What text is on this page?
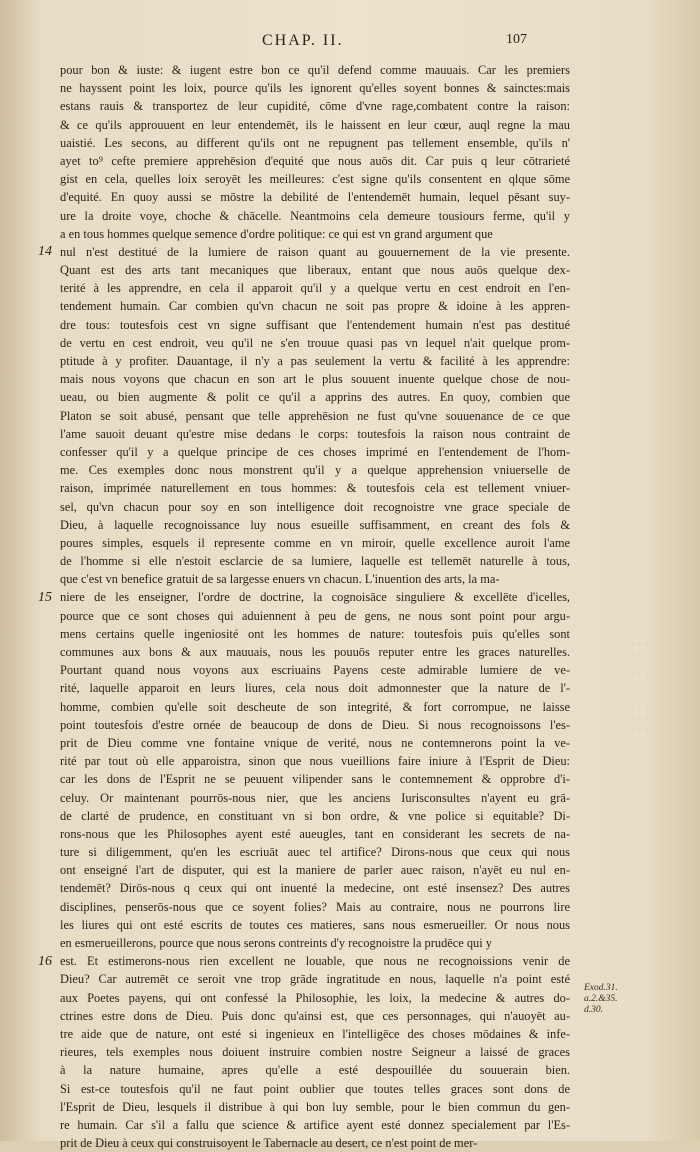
CHAP. II.	107
14
15
16
pour bon & iuste: & iugent estre bon ce qu'il defend comme mauuais. Car les premiers
ne hayssent point les loix, pource qu'ils les ignorent qu'elles soyent bonnes & sainctes:mais
estans rauis & transportez de leur cupidité, cōme d'vne rage,combatent contre la raison:
& ce qu'ils approuuent en leur entendemēt, ils le haissent en leur cœur, auql regne la mau
uaistié. Les secons, au different qu'ils ont ne repugnent pas tellement ensemble, qu'ils n'
ayet to⁹ cefte premiere apprehēsion d'equité que nous auōs dit. Car puis q leur cōtrarieté
gist en cela, quelles loix seroyēt les meilleures: c'est signe qu'ils consentent en qlque sōme
d'equité. En quoy aussi se mōstre la debilité de l'entendemēt humain, lequel pēsant suy-
ure la droite voye, choche & chācelle. Neantmoins cela demeure tousiours ferme, qu'il y
a en tous hommes quelque semence d'ordre politique: ce qui est vn grand argument que
nul n'est destitué de la lumiere de raison quant au gouuernement de la vie presente.
Quant est des arts tant mecaniques que liberaux, entant que nous auōs quelque dex-
terité à les apprendre, en cela il apparoit qu'il y a quelque vertu en cest endroit en l'en-
tendement humain. Car combien qu'vn chacun ne soit pas propre & idoine à les appren-
dre tous: toutesfois cest vn signe suffisant que l'entendement humain n'est pas destitué
de vertu en cest endroit, veu qu'il ne s'en trouue quasi pas vn lequel n'ait quelque prom-
ptitude à y profiter. Dauantage, il n'y a pas seulement la vertu & facilité à les apprendre:
mais nous voyons que chacun en son art le plus souuent inuente quelque chose de nou-
ueau, ou bien augmente & polit ce qu'il a apprins des autres. En quoy, combien que
Platon se soit abusé, pensant que telle apprehēsion ne fust qu'vne souuenance de ce que
l'ame sauoit deuant qu'estre mise dedans le corps: toutesfois la raison nous contraint de
confesser qu'il y a quelque principe de ces choses imprimé en l'entendement de l'hom-
me. Ces exemples donc nous monstrent qu'il y a quelque apprehension vniuerselle de
raison, imprimée naturellement en tous hommes: & toutesfois cela est tellement vniuer-
sel, qu'vn chacun pour soy en son intelligence doit recognoistre vne grace speciale de
Dieu, à laquelle recognoissance luy nous esueille suffisamment, en creant des fols &
poures simples, esquels il represente comme en vn miroir, quelle excellence auroit l'ame
de l'homme si elle n'estoit esclarcie de sa lumiere, laquelle est tellemēt naturelle à tous,
que c'est vn benefice gratuit de sa largesse enuers vn chacun. L'inuention des arts, la ma-
niere de les enseigner, l'ordre de doctrine, la cognoisāce singuliere & excellēte d'icelles,
pource que ce sont choses qui aduiennent à peu de gens, ne nous sont point pour argu-
mens certains quelle ingeniosité ont les hommes de nature: toutesfois puis qu'elles sont
communes aux bons & aux mauuais, nous les pouuōs reputer entre les graces naturelles.
Pourtant quand nous voyons aux escriuains Payens ceste admirable lumiere de ve-
rité, laquelle apparoit en leurs liures, cela nous doit admonnester que la nature de l'-
homme, combien qu'elle soit descheute de son integrité, & fort corrompue, ne laisse
point toutesfois d'estre ornée de beaucoup de dons de Dieu. Si nous recognoissons l'es-
prit de Dieu comme vne fontaine vnique de verité, nous ne contemnerons point la ve-
rité par tout où elle apparoistra, sinon que nous vueillions faire iniure à l'Esprit de Dieu:
car les dons de l'Esprit ne se peuuent vilipender sans le contemnement & opprobre d'i-
celuy. Or maintenant pourrōs-nous nier, que les anciens Iurisconsultes n'ayent eu grā-
de clarté de prudence, en constituant vn si bon ordre, & vne police si equitable? Di-
rons-nous que les Philosophes ayent esté aueugles, tant en considerant les secrets de na-
ture si diligemment, qu'en les escriuāt auec tel artifice? Dirons-nous que ceux qui nous
ont enseigné l'art de disputer, qui est la maniere de parler auec raison, n'ayēt eu nul en-
tendemēt? Dirōs-nous q ceux qui ont inuenté la medecine, ont esté insensez? Des autres
disciplines, penserōs-nous que ce soyent folies? Mais au contraire, nous ne pourrons lire
les liures qui ont esté escrits de toutes ces matieres, sans nous esmerueiller. Or nous nous
en esmerueillerons, pource que nous serons contreints d'y recognoistre la prudēce qui y
est. Et estimerons-nous rien excellent ne louable, que nous ne recognoissions venir de
Dieu? Car autremēt ce seroit vne trop grāde ingratitude en nous, laquelle n'a point esté
aux Poetes payens, qui ont confessé la Philosophie, les loix, la medecine & autres do-
ctrines estre dons de Dieu. Puis donc qu'ainsi est, que ces personnages, qui n'auoyēt au-
tre aide que de nature, ont esté si ingenieux en l'intelligēce des choses mōdaines & infe-
rieures, tels exemples nous doiuent instruire combien nostre Seigneur a laissé de graces
à la nature humaine, apres qu'elle a esté despouillée du souuerain bien.
Si est-ce toutesfois qu'il ne faut point oublier que toutes telles graces sont dons de
l'Esprit de Dieu, lesquels il distribue à qui bon luy semble, pour le bien commun du gen-
re humain. Car s'il a fallu que science & artifice ayent esté donnez specialement par l'Es-
prit de Dieu à ceux qui construisoyent le Tabernacle au desert, ce n'est point de mer-
Exod.31.
a.2.&35.
d.30.
· · · ·
· ·

· · · ·
· · · ·
· · ·
· · · ·
